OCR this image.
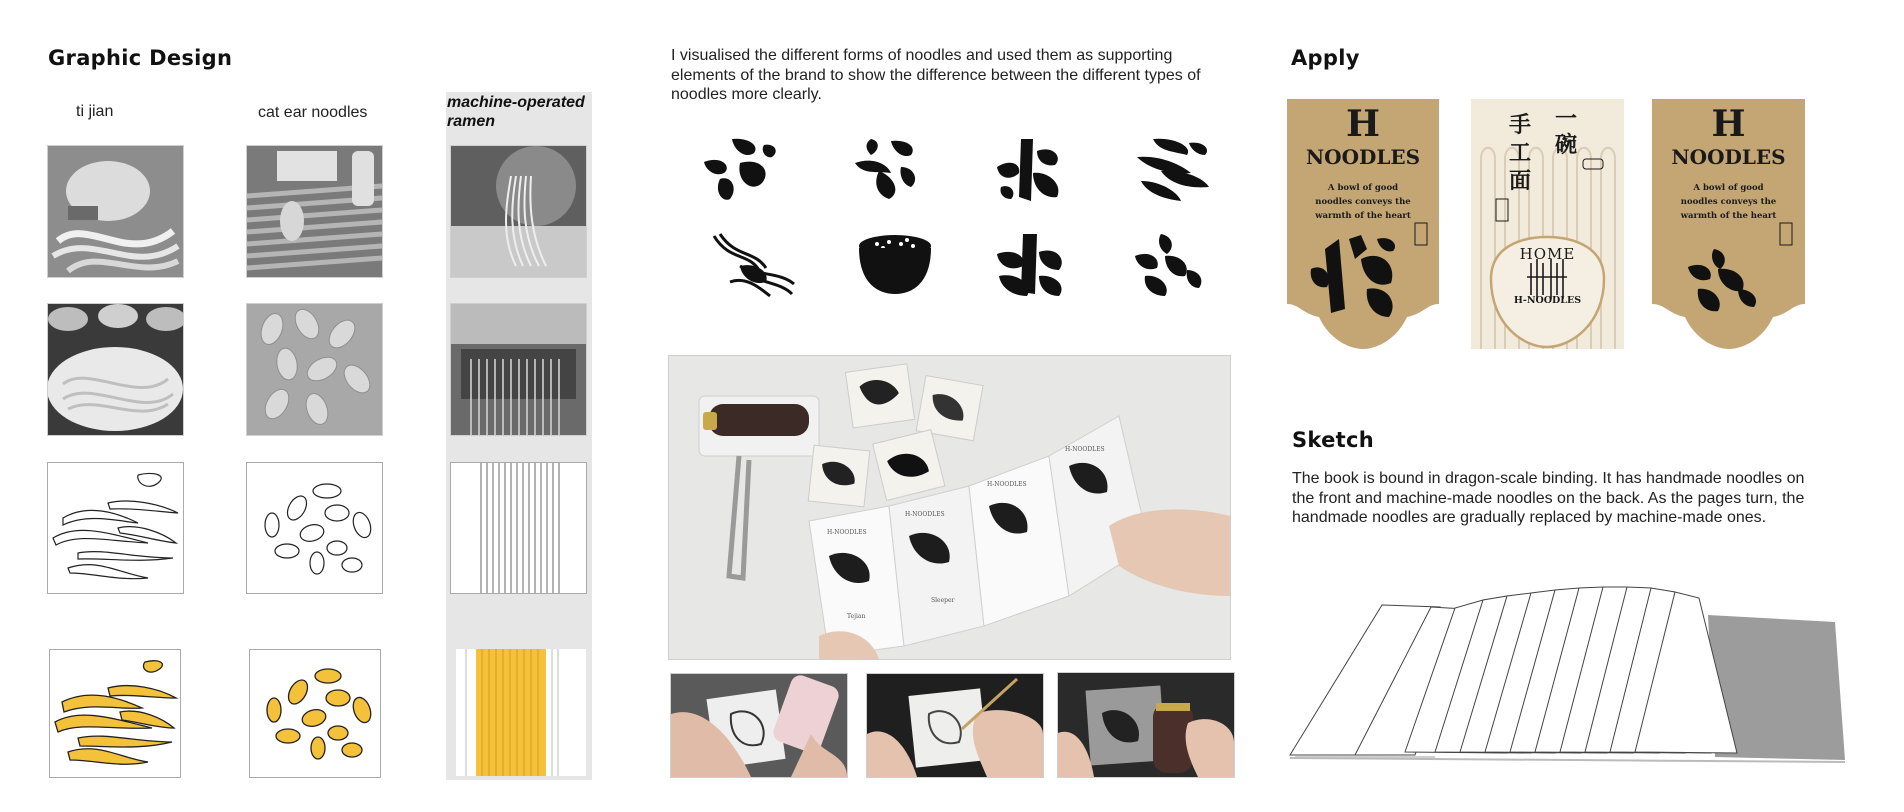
Graphic Design
ti jian	cat ear noodles
machine-operated ramen

I visualised the different forms of noodles and used them as supporting elements of the brand to show the difference between the different types of noodles more clearly.

H-NOODLES
H-NOODLES
H-NOODLES
H-NOODLES
Tejian
Sleeper
Apply
H
NOODLES
A bowl of good noodles conveys the warmth of the heart
手
工
面
一
碗
HOME
H-NOODLES
H
NOODLES
A bowl of good noodles conveys the warmth of the heart
Sketch

The book is bound in dragon-scale binding. It has handmade noodles on the front and machine-made noodles on the back. As the pages turn, the handmade noodles are gradually replaced by machine-made ones.
